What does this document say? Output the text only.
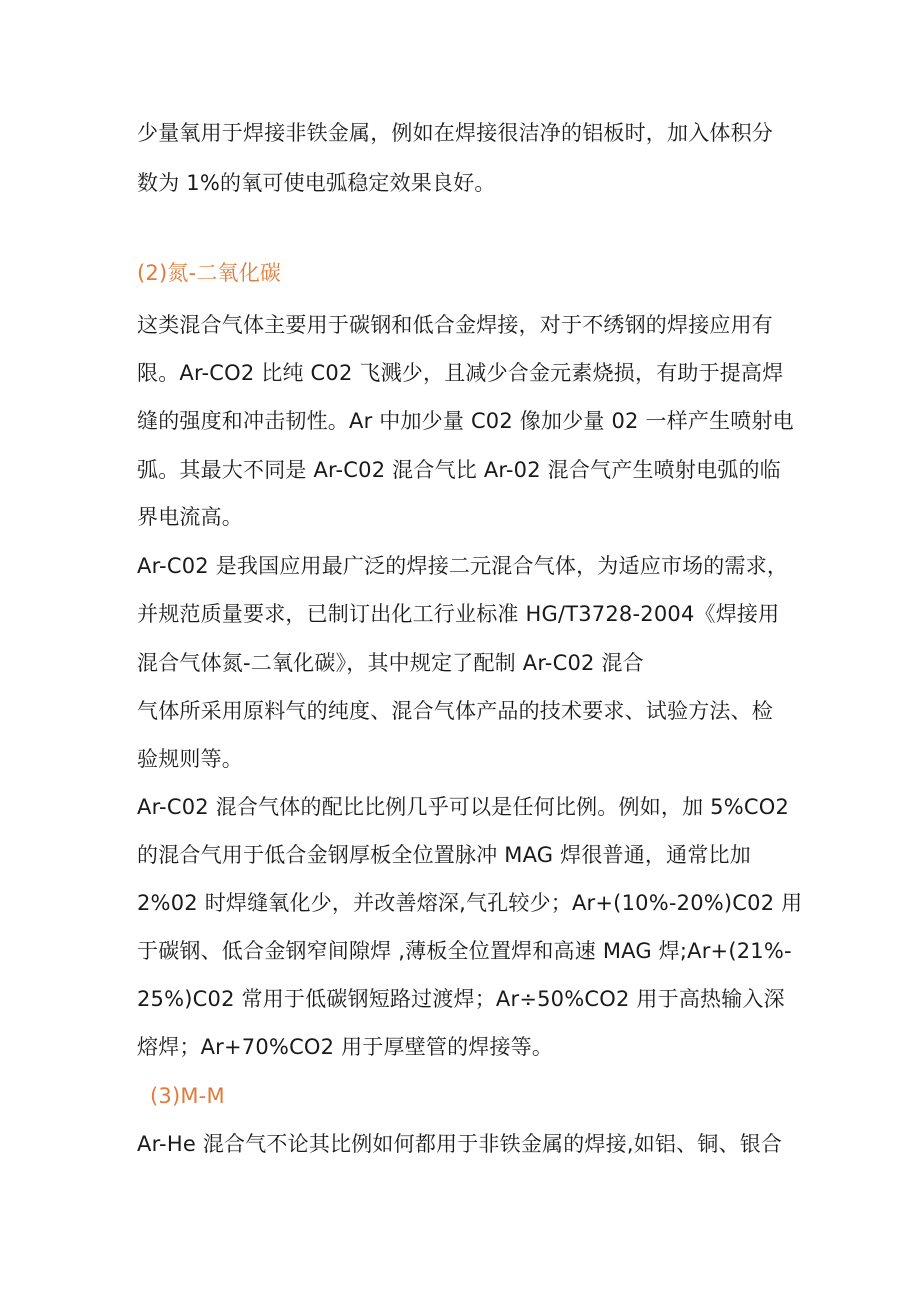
少量氧用于焊接非铁金属，例如在焊接很洁净的铝板时，加入体积分
数为 1%的氧可使电弧稳定效果良好。
(2)氮-二氧化碳
这类混合气体主要用于碳钢和低合金焊接，对于不绣钢的焊接应用有
限。Ar-CO2 比纯 C02 飞溅少，且减少合金元素烧损，有助于提高焊
缝的强度和冲击韧性。Ar 中加少量 C02 像加少量 02 一样产生喷射电
弧。其最大不同是 Ar-C02 混合气比 Ar-02 混合气产生喷射电弧的临
界电流高。
Ar-C02 是我国应用最广泛的焊接二元混合气体，为适应市场的需求，
并规范质量要求，已制订出化工行业标准 HG/T3728-2004《焊接用
混合气体氮-二氧化碳》，其中规定了配制 Ar-C02 混合
气体所采用原料气的纯度、混合气体产品的技术要求、试验方法、检
验规则等。
Ar-C02 混合气体的配比比例几乎可以是任何比例。例如，加 5%CO2
的混合气用于低合金钢厚板全位置脉冲 MAG 焊很普通，通常比加
2%02 时焊缝氧化少，并改善熔深,气孔较少；Ar+(10%-20%)C02 用
于碳钢、低合金钢窄间隙焊 ,薄板全位置焊和高速 MAG 焊;Ar+(21%-
25%)C02 常用于低碳钢短路过渡焊；Ar÷50%CO2 用于高热输入深
熔焊；Ar+70%CO2 用于厚壁管的焊接等。
(3)M-M
Ar-He 混合气不论其比例如何都用于非铁金属的焊接,如铝、铜、银合
